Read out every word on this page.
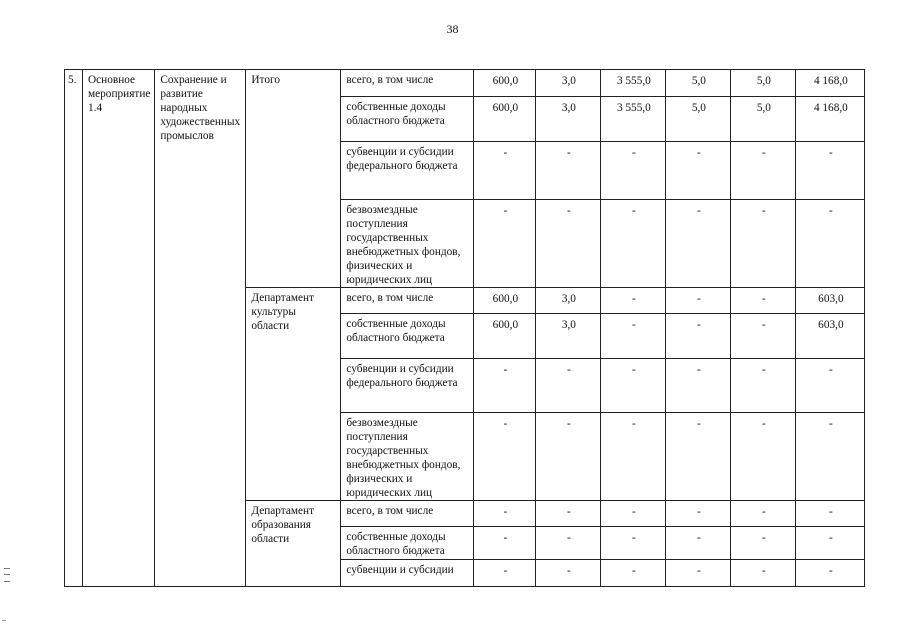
38
5.	Основное мероприятие 1.4	Сохранение и развитие народных художественных промыслов	Итого	всего, в том числе	600,0	3,0	3 555,0	5,0	5,0	4 168,0
				собственные доходы областного бюджета	600,0	3,0	3 555,0	5,0	5,0	4 168,0
				субвенции и субсидии федерального бюджета	-	-	-	-	-	-
				безвозмездные поступления государственных внебюджетных фондов, физических и юридических лиц	-	-	-	-	-	-
			Департамент культуры области	всего, в том числе	600,0	3,0	-	-	-	603,0
				собственные доходы областного бюджета	600,0	3,0	-	-	-	603,0
				субвенции и субсидии федерального бюджета	-	-	-	-	-	-
				безвозмездные поступления государственных внебюджетных фондов, физических и юридических лиц	-	-	-	-	-	-
			Департамент образования области	всего, в том числе	-	-	-	-	-	-
				собственные доходы областного бюджета	-	-	-	-	-	-
				субвенции и субсидии	-	-	-	-	-	-
